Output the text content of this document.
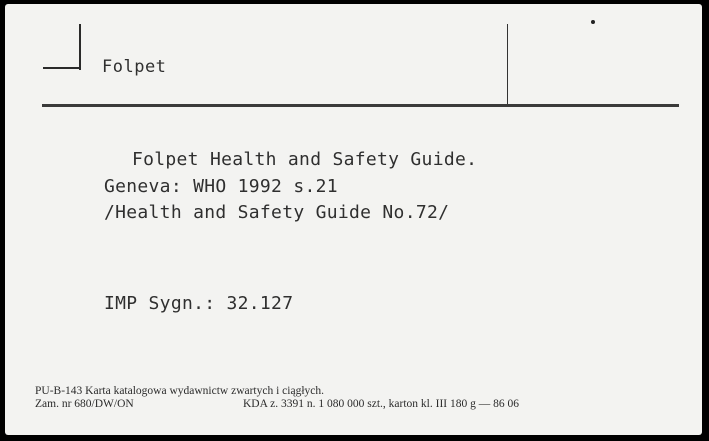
Folpet
Folpet Health and Safety Guide.
Geneva: WHO 1992 s.21
/Health and Safety Guide No.72/
IMP Sygn.: 32.127
PU-B-143 Karta katalogowa wydawnictw zwartych i ciągłych.
Zam. nr 680/DW/ON	KDA z. 3391 n. 1 080 000 szt., karton kl. III 180 g — 86 06
